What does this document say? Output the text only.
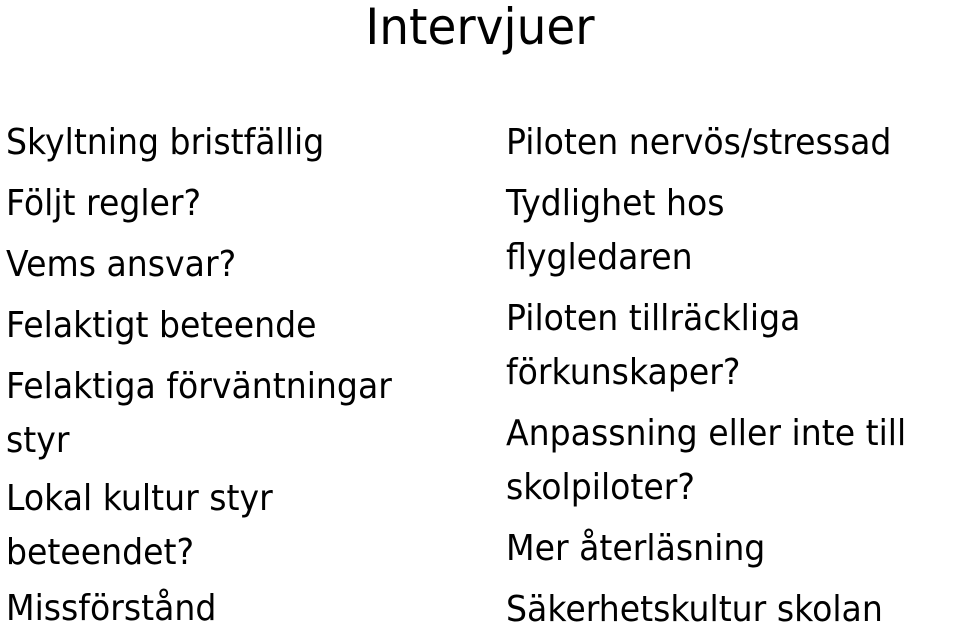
Intervjuer
Skyltning bristfällig
Följt regler?
Vems ansvar?
Felaktigt beteende
Felaktiga förväntningar
styr
Lokal kultur styr
beteendet?
Missförstånd
Piloten nervös/stressad
Tydlighet hos
flygledaren
Piloten tillräckliga
förkunskaper?
Anpassning eller inte till
skolpiloter?
Mer återläsning
Säkerhetskultur skolan
